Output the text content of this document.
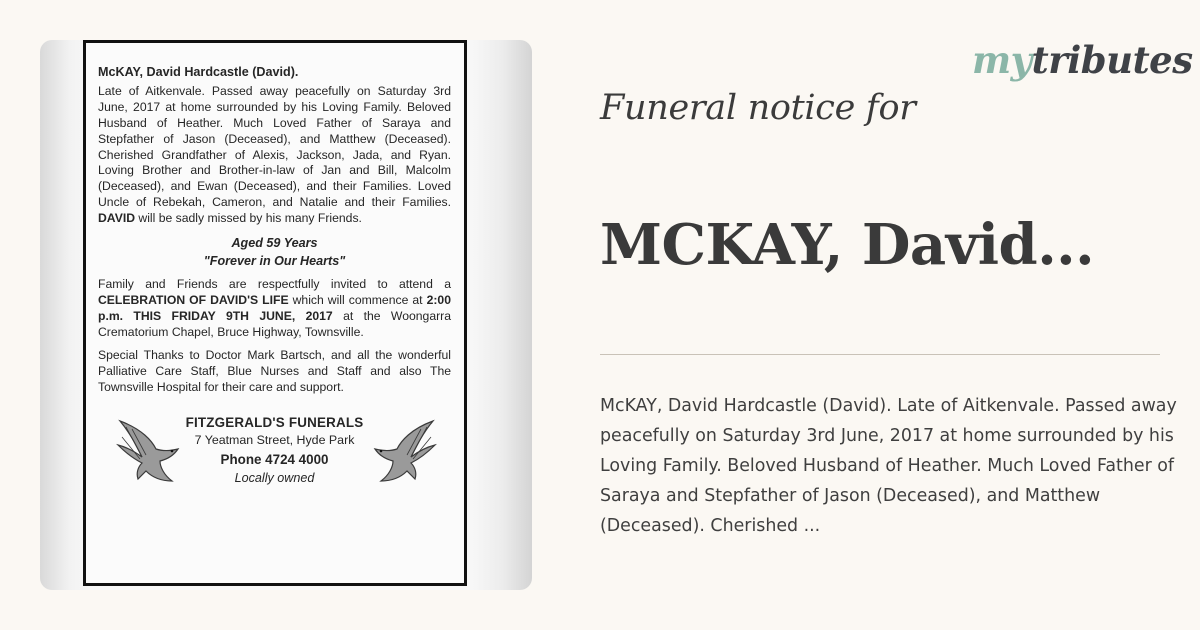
McKAY, David Hardcastle (David).
Late of Aitkenvale. Passed away peacefully on Saturday 3rd June, 2017 at home surrounded by his Loving Family. Beloved Husband of Heather. Much Loved Father of Saraya and Stepfather of Jason (Deceased), and Matthew (Deceased). Cherished Grandfather of Alexis, Jackson, Jada, and Ryan. Loving Brother and Brother-in-law of Jan and Bill, Malcolm (Deceased), and Ewan (Deceased), and their Families. Loved Uncle of Rebekah, Cameron, and Natalie and their Families. DAVID will be sadly missed by his many Friends.
Aged 59 Years
"Forever in Our Hearts"
Family and Friends are respectfully invited to attend a CELEBRATION OF DAVID'S LIFE which will commence at 2:00 p.m. THIS FRIDAY 9TH JUNE, 2017 at the Woongarra Crematorium Chapel, Bruce Highway, Townsville.
Special Thanks to Doctor Mark Bartsch, and all the wonderful Palliative Care Staff, Blue Nurses and Staff and also The Townsville Hospital for their care and support.
FITZGERALD'S FUNERALS
7 Yeatman Street, Hyde Park
Phone 4724 4000
Locally owned
mytributes
Funeral notice for
MCKAY, David...
McKAY, David Hardcastle (David). Late of Aitkenvale. Passed away peacefully on Saturday 3rd June, 2017 at home surrounded by his Loving Family. Beloved Husband of Heather. Much Loved Father of Saraya and Stepfather of Jason (Deceased), and Matthew (Deceased). Cherished ...
